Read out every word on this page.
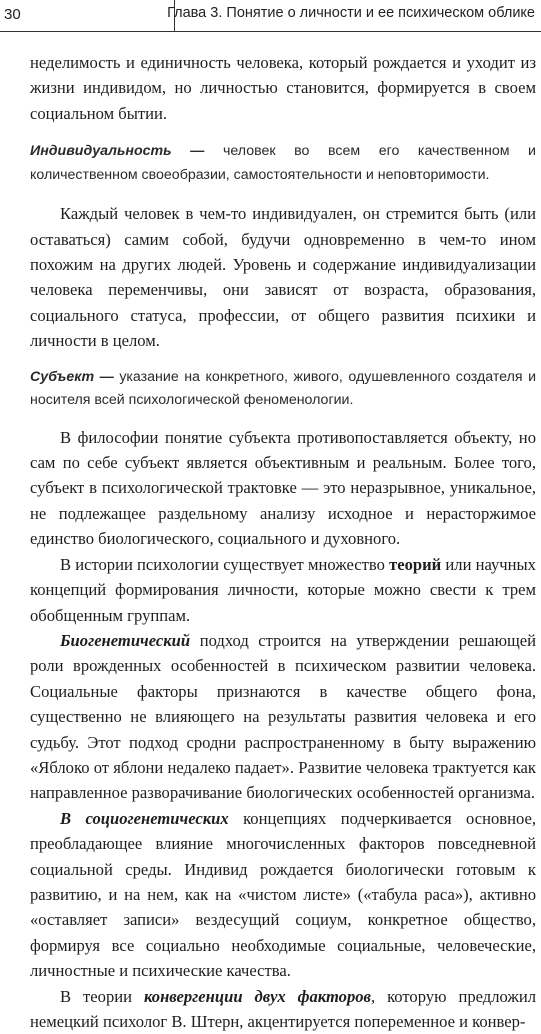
30	Глава 3. Понятие о личности и ее психическом облике

неделимость и единичность человека, который рождается и уходит из жизни индивидом, но личностью становится, формируется в своем социальном бытии.

Индивидуальность — человек во всем его качественном и количественном своеобразии, самостоятельности и неповторимости.

Каждый человек в чем-то индивидуален, он стремится быть (или оставаться) самим собой, будучи одновременно в чем-то ином похожим на других людей. Уровень и содержание индивидуализации человека переменчивы, они зависят от возраста, образования, социального статуса, профессии, от общего развития психики и личности в целом.

Субъект — указание на конкретного, живого, одушевленного создателя и носителя всей психологической феноменологии.

В философии понятие субъекта противопоставляется объекту, но сам по себе субъект является объективным и реальным. Более того, субъект в психологической трактовке — это неразрывное, уникальное, не подлежащее раздельному анализу исходное и нерасторжимое единство биологического, социального и духовного.

В истории психологии существует множество теорий или научных концепций формирования личности, которые можно свести к трем обобщенным группам.

Биогенетический подход строится на утверждении решающей роли врожденных особенностей в психическом развитии человека. Социальные факторы признаются в качестве общего фона, существенно не влияющего на результаты развития человека и его судьбу. Этот подход сродни распространенному в быту выражению «Яблоко от яблони недалеко падает». Развитие человека трактуется как направленное разворачивание биологических особенностей организма.

В социогенетических концепциях подчеркивается основное, преобладающее влияние многочисленных факторов повседневной социальной среды. Индивид рождается биологически готовым к развитию, и на нем, как на «чистом листе» («табула раса»), активно «оставляет записи» вездесущий социум, конкретное общество, формируя все социально необходимые социальные, человеческие, личностные и психические качества.

В теории конвергенции двух факторов, которую предложил немецкий психолог В. Штерн, акцентируется попеременное и конвер-
